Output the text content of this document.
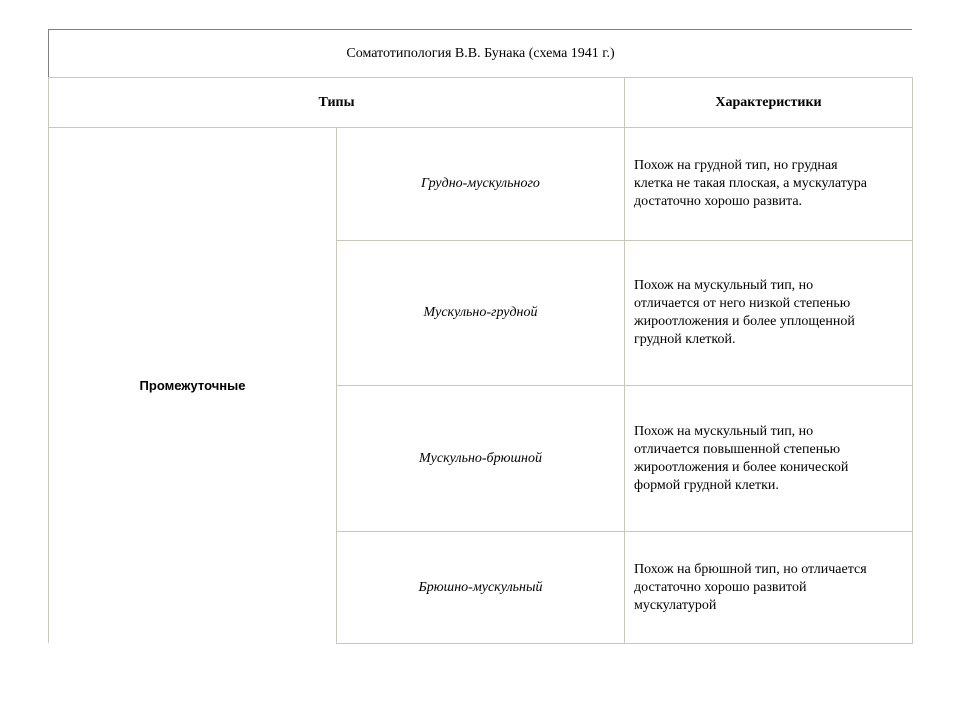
Соматотипология В.В. Бунака (схема 1941 г.)
Типы	Характеристики
Промежуточные
Грудно-мускульного
Похож на грудной тип, но грудная
клетка не такая плоская, а мускулатура
достаточно хорошо развита.
Мускульно-грудной
Похож на мускульный тип, но
отличается от него низкой степенью
жироотложения и более уплощенной
грудной клеткой.
Мускульно-брюшной
Похож на мускульный тип, но
отличается повышенной степенью
жироотложения и более конической
формой грудной клетки.
Брюшно-мускульный
Похож на брюшной тип, но отличается
достаточно хорошо развитой
мускулатурой
